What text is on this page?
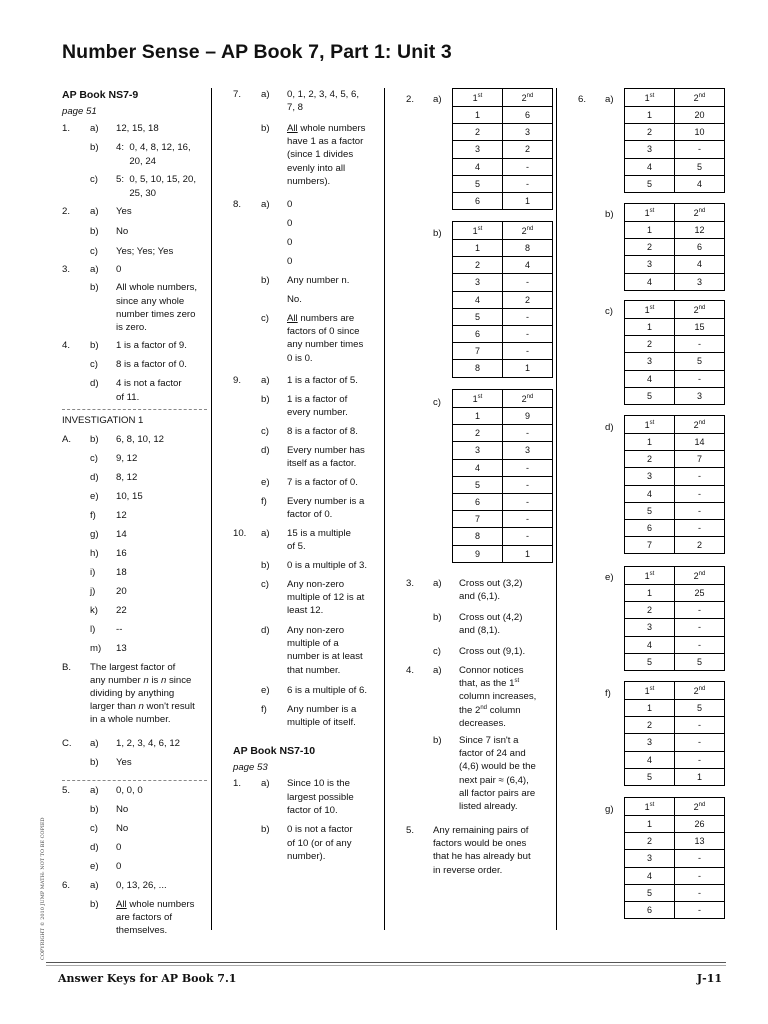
Number Sense – AP Book 7, Part 1: Unit 3
AP Book NS7-9
page 51
1. a) 12, 15, 18
b) 4:  0, 4, 8, 12, 16,
20, 24
c) 5:  0, 5, 10, 15, 20,
25, 30
2. a) Yes
b) No
c) Yes; Yes; Yes
3. a) 0
b) All whole numbers,
since any whole
number times zero
is zero.
4. b) 1 is a factor of 9.
c) 8 is a factor of 0.
d) 4 is not a factor
of 11.
INVESTIGATION 1
A. b) 6, 8, 10, 12
c) 9, 12
d) 8, 12
e) 10, 15
f) 12
g) 14
h) 16
i) 18
j) 20
k) 22
l) --
m) 13
B. The largest factor of
any number n is n since
dividing by anything
larger than n won't result
in a whole number.
C. a) 1, 2, 3, 4, 6, 12
b) Yes
5. a) 0, 0, 0
b) No
c) No
d) 0
e) 0
6. a) 0, 13, 26, ...
b) All whole numbers
are factors of
themselves.
7. a) 0, 1, 2, 3, 4, 5, 6,
7, 8
b) All whole numbers
have 1 as a factor
(since 1 divides
evenly into all
numbers).
8. a) 0
0
0
0
b) Any number n.
No.
c) All numbers are
factors of 0 since
any number times
0 is 0.
9. a) 1 is a factor of 5.
b) 1 is a factor of
every number.
c) 8 is a factor of 8.
d) Every number has
itself as a factor.
e) 7 is a factor of 0.
f) Every number is a
factor of 0.
10. a) 15 is a multiple
of 5.
b) 0 is a multiple of 3.
c) Any non-zero
multiple of 12 is at
least 12.
d) Any non-zero
multiple of a
number is at least
that number.
e) 6 is a multiple of 6.
f) Any number is a
multiple of itself.
AP Book NS7-10
page 53
1. a) Since 10 is the
largest possible
factor of 10.
b) 0 is not a factor
of 10 (or of any
number).
2. a)	1st	2nd
1	6
2	3
3	2
4	-
5	-
6	1
b)	1st	2nd
1	8
2	4
3	-
4	2
5	-
6	-
7	-
8	1
c)	1st	2nd
1	9
2	-
3	3
4	-
5	-
6	-
7	-
8	-
9	1
3. a) Cross out (3,2)
and (6,1).
b) Cross out (4,2)
and (8,1).
c) Cross out (9,1).
4. a) Connor notices
that, as the 1st
column increases,
the 2nd column
decreases.
b) Since 7 isn't a
factor of 24 and
(4,6) would be the
next pair ≈ (6,4),
all factor pairs are
listed already.
5. Any remaining pairs of
factors would be ones
that he has already but
in reverse order.
6. a)	1st	2nd
1	20
2	10
3	-
4	5
5	4
b)	1st	2nd
1	12
2	6
3	4
4	3
c)	1st	2nd
1	15
2	-
3	5
4	-
5	3
d)	1st	2nd
1	14
2	7
3	-
4	-
5	-
6	-
7	2
e)	1st	2nd
1	25
2	-
3	-
4	-
5	5
f)	1st	2nd
1	5
2	-
3	-
4	-
5	1
g)	1st	2nd
1	26
2	13
3	-
4	-
5	-
6	-
COPYRIGHT © 2010 JUMP MATH: NOT TO BE COPIED
Answer Keys for AP Book 7.1	J-11
